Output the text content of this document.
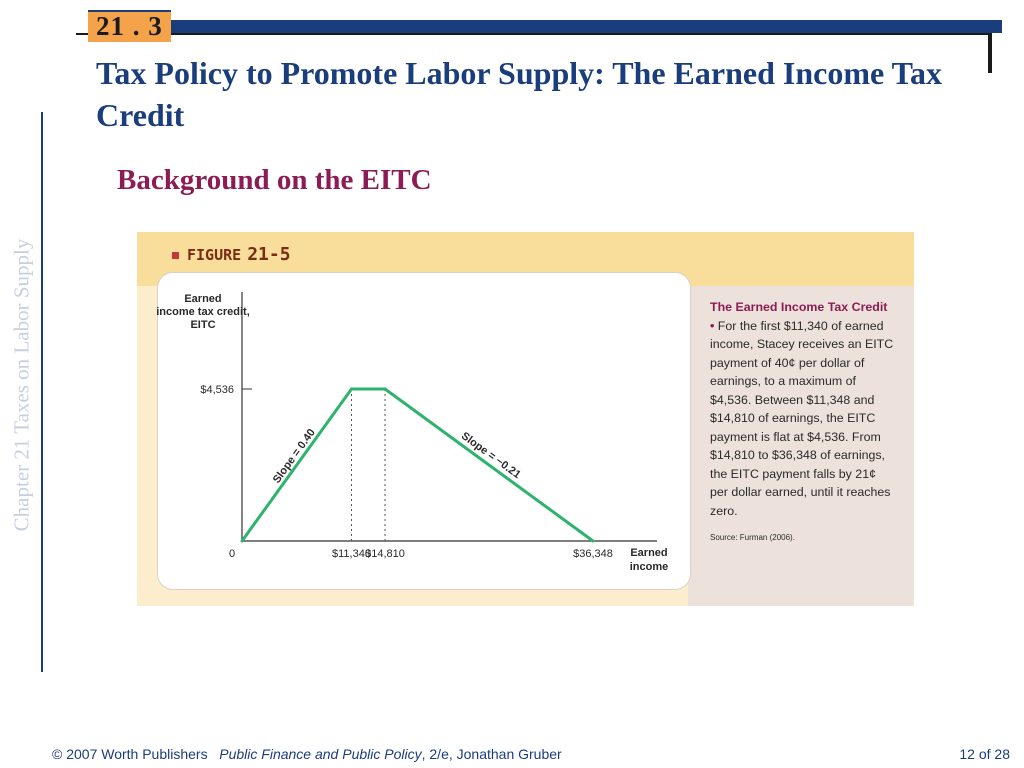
21 . 3
Tax Policy to Promote Labor Supply: The Earned Income Tax Credit
Background on the EITC
Chapter 21 Taxes on Labor Supply	FIGURE 21-5
$4,536
0	$11,340
$14,810	$36,348
Slope = 0.40	Slope = −0.21
Earned income tax credit, EITC
Earned income
The Earned Income Tax Credit • For the first $11,340 of earned income, Stacey receives an EITC payment of 40¢ per dollar of earnings, to a maximum of $4,536. Between $11,348 and $14,810 of earnings, the EITC payment is flat at $4,536. From $14,810 to $36,348 of earnings, the EITC payment falls by 21¢ per dollar earned, until it reaches zero.
Source: Furman (2006).
© 2007 Worth Publishers Public Finance and Public Policy, 2/e, Jonathan Gruber	12 of 28
